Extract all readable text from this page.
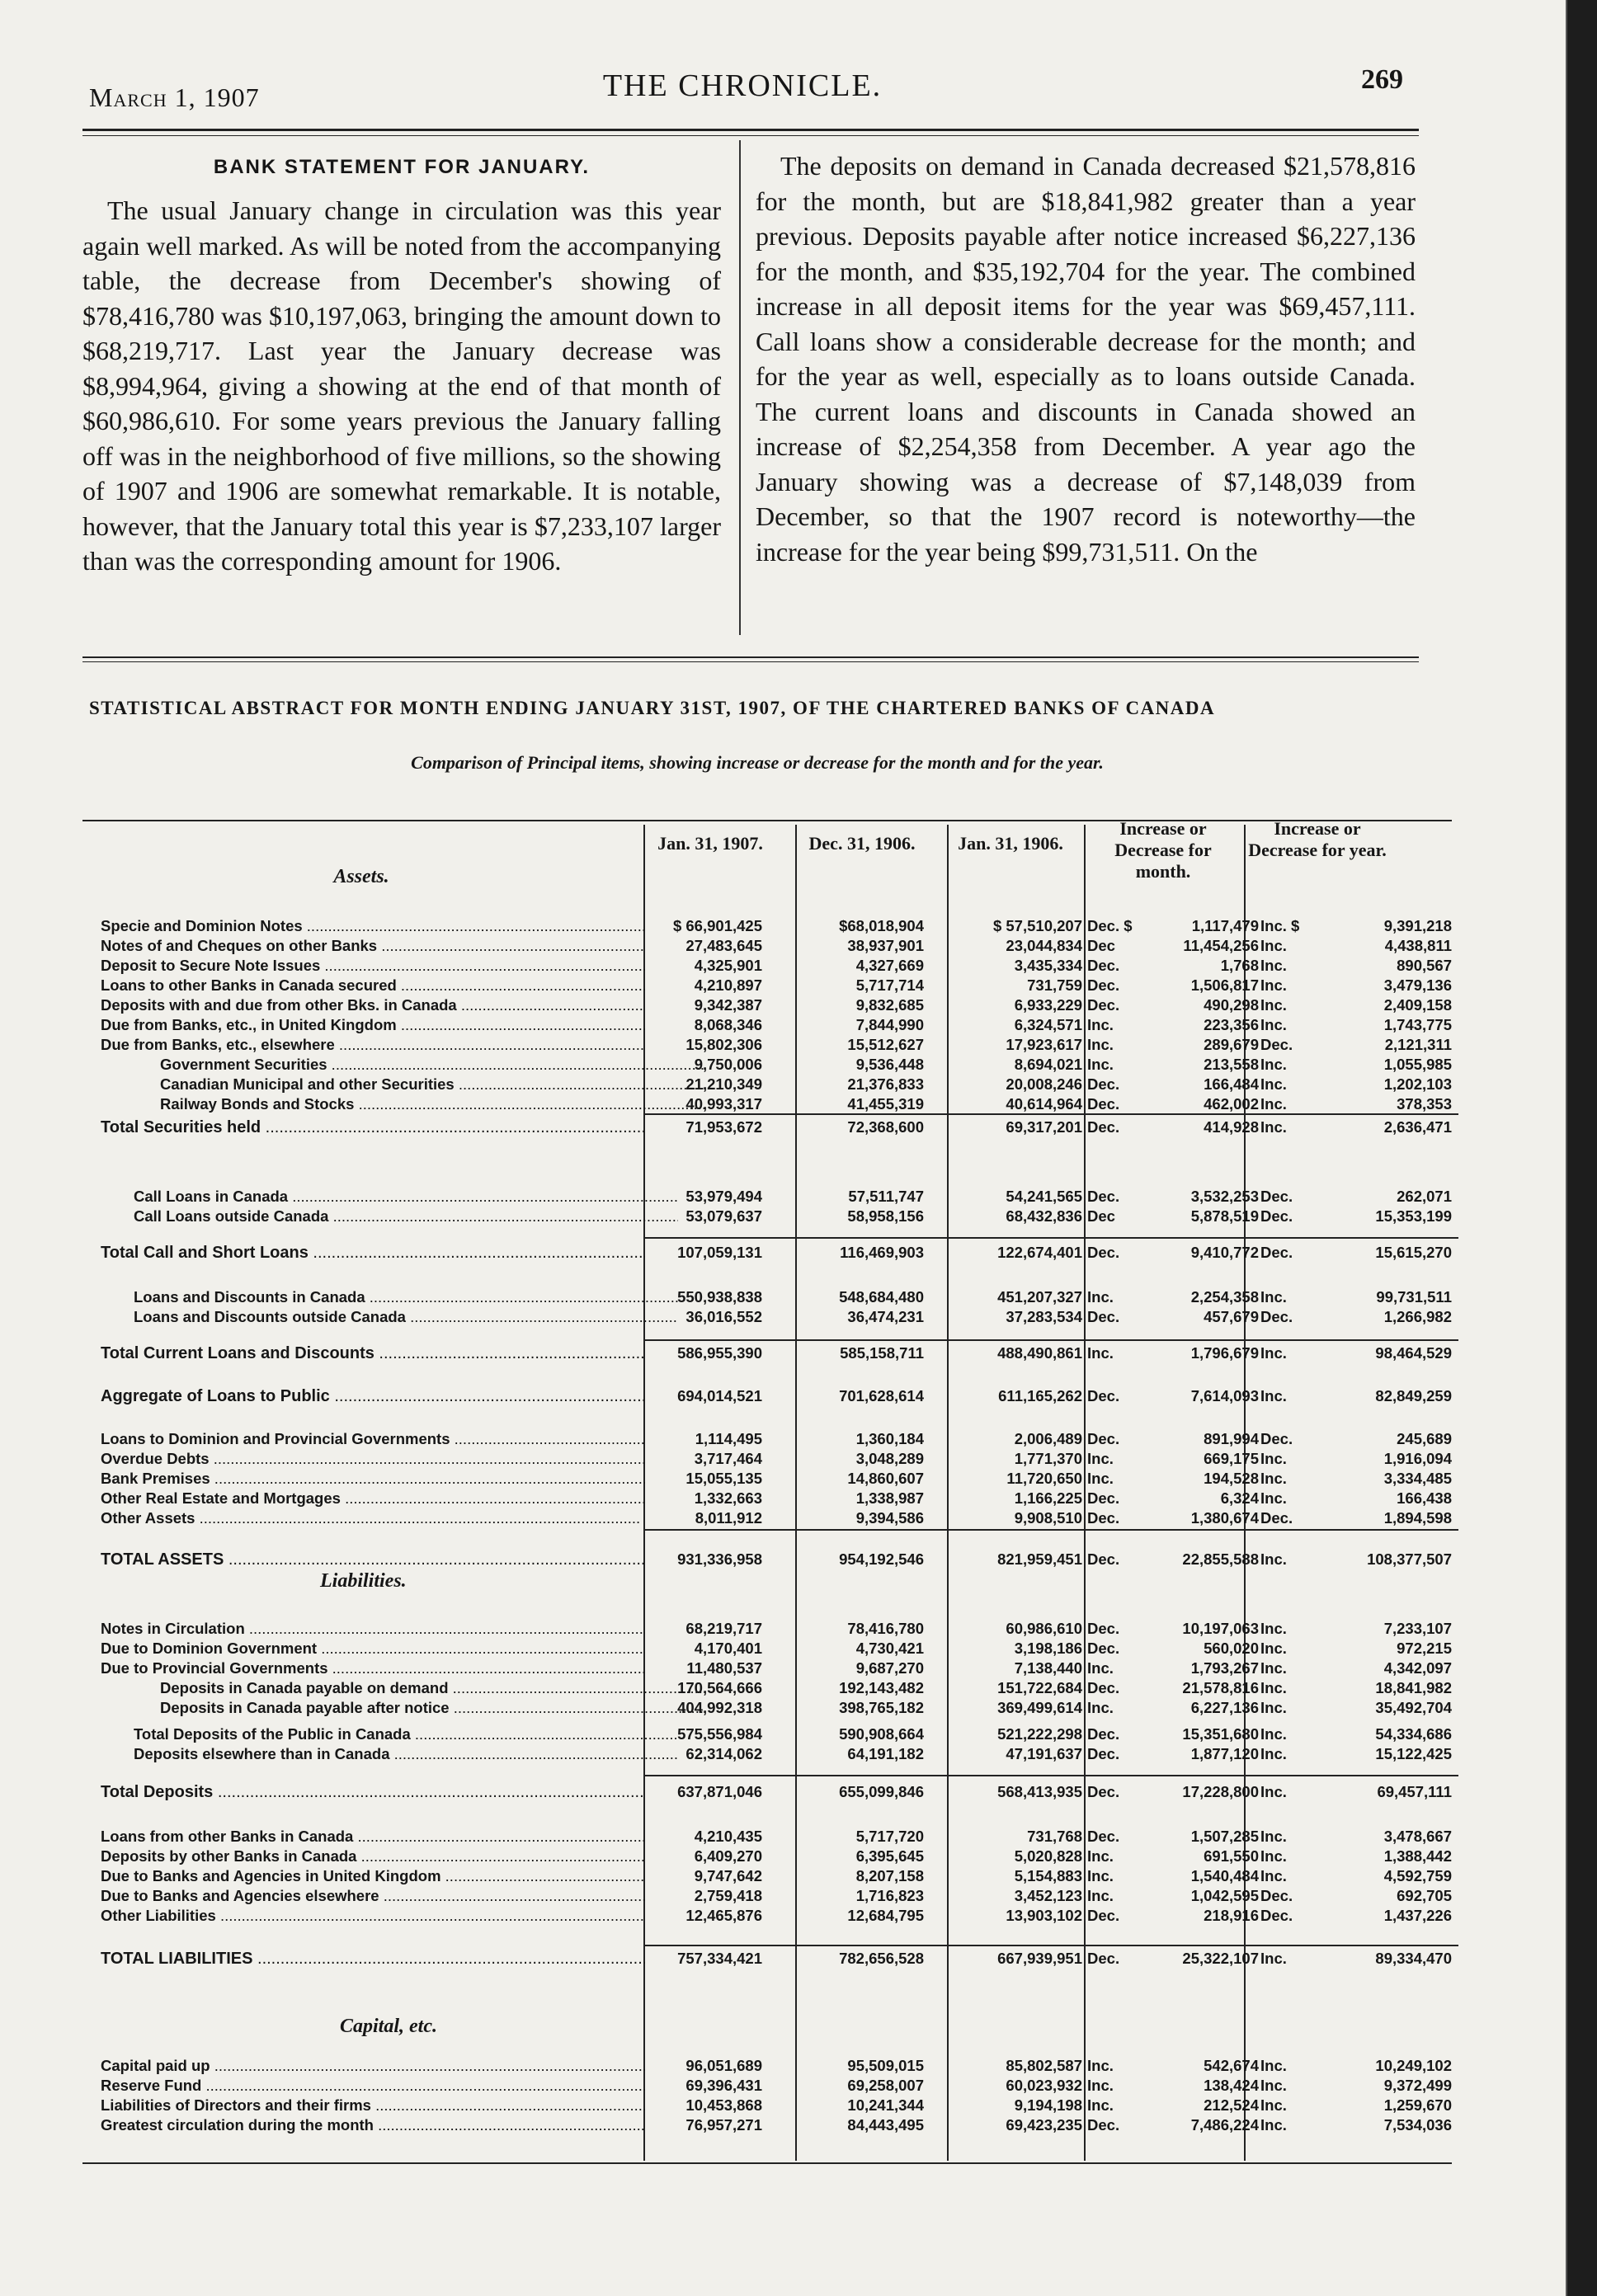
March 1, 1907	THE CHRONICLE.	269
BANK STATEMENT FOR JANUARY.

The usual January change in circulation was this year again well marked. As will be noted from the accompanying table, the decrease from December's showing of $78,416,780 was $10,197,063, bringing the amount down to $68,219,717. Last year the January decrease was $8,994,964, giving a showing at the end of that month of $60,986,610. For some years previous the January falling off was in the neighborhood of five millions, so the showing of 1907 and 1906 are somewhat remarkable. It is notable, however, that the January total this year is $7,233,107 larger than was the corresponding amount for 1906.

The deposits on demand in Canada decreased $21,578,816 for the month, but are $18,841,982 greater than a year previous. Deposits payable after notice increased $6,227,136 for the month, and $35,192,704 for the year. The combined increase in all deposit items for the year was $69,457,111. Call loans show a considerable decrease for the month; and for the year as well, especially as to loans outside Canada. The current loans and discounts in Canada showed an increase of $2,254,358 from December. A year ago the January showing was a decrease of $7,148,039 from December, so that the 1907 record is noteworthy—the increase for the year being $99,731,511. On the

STATISTICAL ABSTRACT FOR MONTH ENDING JANUARY 31ST, 1907, OF THE CHARTERED BANKS OF CANADA
Comparison of Principal items, showing increase or decrease for the month and for the year.
Assets.
Jan. 31, 1907.	Dec. 31, 1906.	Jan. 31, 1906.
Increase or Decrease for month.
Increase or Decrease for year.
Liabilities.
Capital, etc.
Specie and Dominion Notes .....	$ 66,901,425	$68,018,904	$ 57,510,207 Dec. $	1,117,479 Inc. $	9,391,218
Notes of and Cheques on other Banks .....	27,483,645	38,937,901	23,044,834 Dec	11,454,256 Inc.	4,438,811
Deposit to Secure Note Issues .....	4,325,901	4,327,669	3,435,334 Dec.	1,768 Inc.	890,567
Loans to other Banks in Canada secured .....	4,210,897	5,717,714	731,759 Dec.	1,506,817 Inc.	3,479,136
Deposits with and due from other Bks. in Canada .....	9,342,387	9,832,685	6,933,229 Dec.	490,298 Inc.	2,409,158
Due from Banks, etc., in United Kingdom .....	8,068,346	7,844,990	6,324,571 Inc.	223,356 Inc.	1,743,775
Due from Banks, etc., elsewhere .....	15,802,306	15,512,627	17,923,617 Inc.	289,679 Dec.	2,121,311
Government Securities .....	9,750,006	9,536,448	8,694,021 Inc.	213,558 Inc.	1,055,985
Canadian Municipal and other Securities .....	21,210,349	21,376,833	20,008,246 Dec.	166,484 Inc.	1,202,103
Railway Bonds and Stocks .....	40,993,317	41,455,319	40,614,964 Dec.	462,002 Inc.	378,353
Total Securities held .....	71,953,672	72,368,600	69,317,201 Dec.	414,928 Inc.	2,636,471
Call Loans in Canada .....	53,979,494	57,511,747	54,241,565 Dec.	3,532,253 Dec.	262,071
Call Loans outside Canada .....	53,079,637	58,958,156	68,432,836 Dec	5,878,519 Dec.	15,353,199
Total Call and Short Loans .....	107,059,131	116,469,903	122,674,401 Dec.	9,410,772 Dec.	15,615,270
Loans and Discounts in Canada .....	550,938,838	548,684,480	451,207,327 Inc.	2,254,358 Inc.	99,731,511
Loans and Discounts outside Canada .....	36,016,552	36,474,231	37,283,534 Dec.	457,679 Dec.	1,266,982
Total Current Loans and Discounts .....	586,955,390	585,158,711	488,490,861 Inc.	1,796,679 Inc.	98,464,529
Aggregate of Loans to Public .....	694,014,521	701,628,614	611,165,262 Dec.	7,614,093 Inc.	82,849,259
Loans to Dominion and Provincial Governments .....	1,114,495	1,360,184	2,006,489 Dec.	891,994 Dec.	245,689
Overdue Debts .....	3,717,464	3,048,289	1,771,370 Inc.	669,175 Inc.	1,916,094
Bank Premises .....	15,055,135	14,860,607	11,720,650 Inc.	194,528 Inc.	3,334,485
Other Real Estate and Mortgages .....	1,332,663	1,338,987	1,166,225 Dec.	6,324 Inc.	166,438
Other Assets .....	8,011,912	9,394,586	9,908,510 Dec.	1,380,674 Dec.	1,894,598
TOTAL ASSETS .....	931,336,958	954,192,546	821,959,451 Dec.	22,855,588 Inc.	108,377,507
Notes in Circulation .....	68,219,717	78,416,780	60,986,610 Dec.	10,197,063 Inc.	7,233,107
Due to Dominion Government .....	4,170,401	4,730,421	3,198,186 Dec.	560,020 Inc.	972,215
Due to Provincial Governments .....	11,480,537	9,687,270	7,138,440 Inc.	1,793,267 Inc.	4,342,097
Deposits in Canada payable on demand .....	170,564,666	192,143,482	151,722,684 Dec.	21,578,816 Inc.	18,841,982
Deposits in Canada payable after notice .....	404,992,318	398,765,182	369,499,614 Inc.	6,227,136 Inc.	35,492,704
Total Deposits of the Public in Canada .....	575,556,984	590,908,664	521,222,298 Dec.	15,351,680 Inc.	54,334,686
Deposits elsewhere than in Canada .....	62,314,062	64,191,182	47,191,637 Dec.	1,877,120 Inc.	15,122,425
Total Deposits .....	637,871,046	655,099,846	568,413,935 Dec.	17,228,800 Inc.	69,457,111
Loans from other Banks in Canada .....	4,210,435	5,717,720	731,768 Dec.	1,507,285 Inc.	3,478,667
Deposits by other Banks in Canada .....	6,409,270	6,395,645	5,020,828 Inc.	691,550 Inc.	1,388,442
Due to Banks and Agencies in United Kingdom .....	9,747,642	8,207,158	5,154,883 Inc.	1,540,484 Inc.	4,592,759
Due to Banks and Agencies elsewhere .....	2,759,418	1,716,823	3,452,123 Inc.	1,042,595 Dec.	692,705
Other Liabilities .....	12,465,876	12,684,795	13,903,102 Dec.	218,916 Dec.	1,437,226
TOTAL LIABILITIES .....	757,334,421	782,656,528	667,939,951 Dec.	25,322,107 Inc.	89,334,470
Capital paid up .....	96,051,689	95,509,015	85,802,587 Inc.	542,674 Inc.	10,249,102
Reserve Fund .....	69,396,431	69,258,007	60,023,932 Inc.	138,424 Inc.	9,372,499
Liabilities of Directors and their firms .....	10,453,868	10,241,344	9,194,198 Inc.	212,524 Inc.	1,259,670
Greatest circulation during the month .....	76,957,271	84,443,495	69,423,235 Dec.	7,486,224 Inc.	7,534,036
